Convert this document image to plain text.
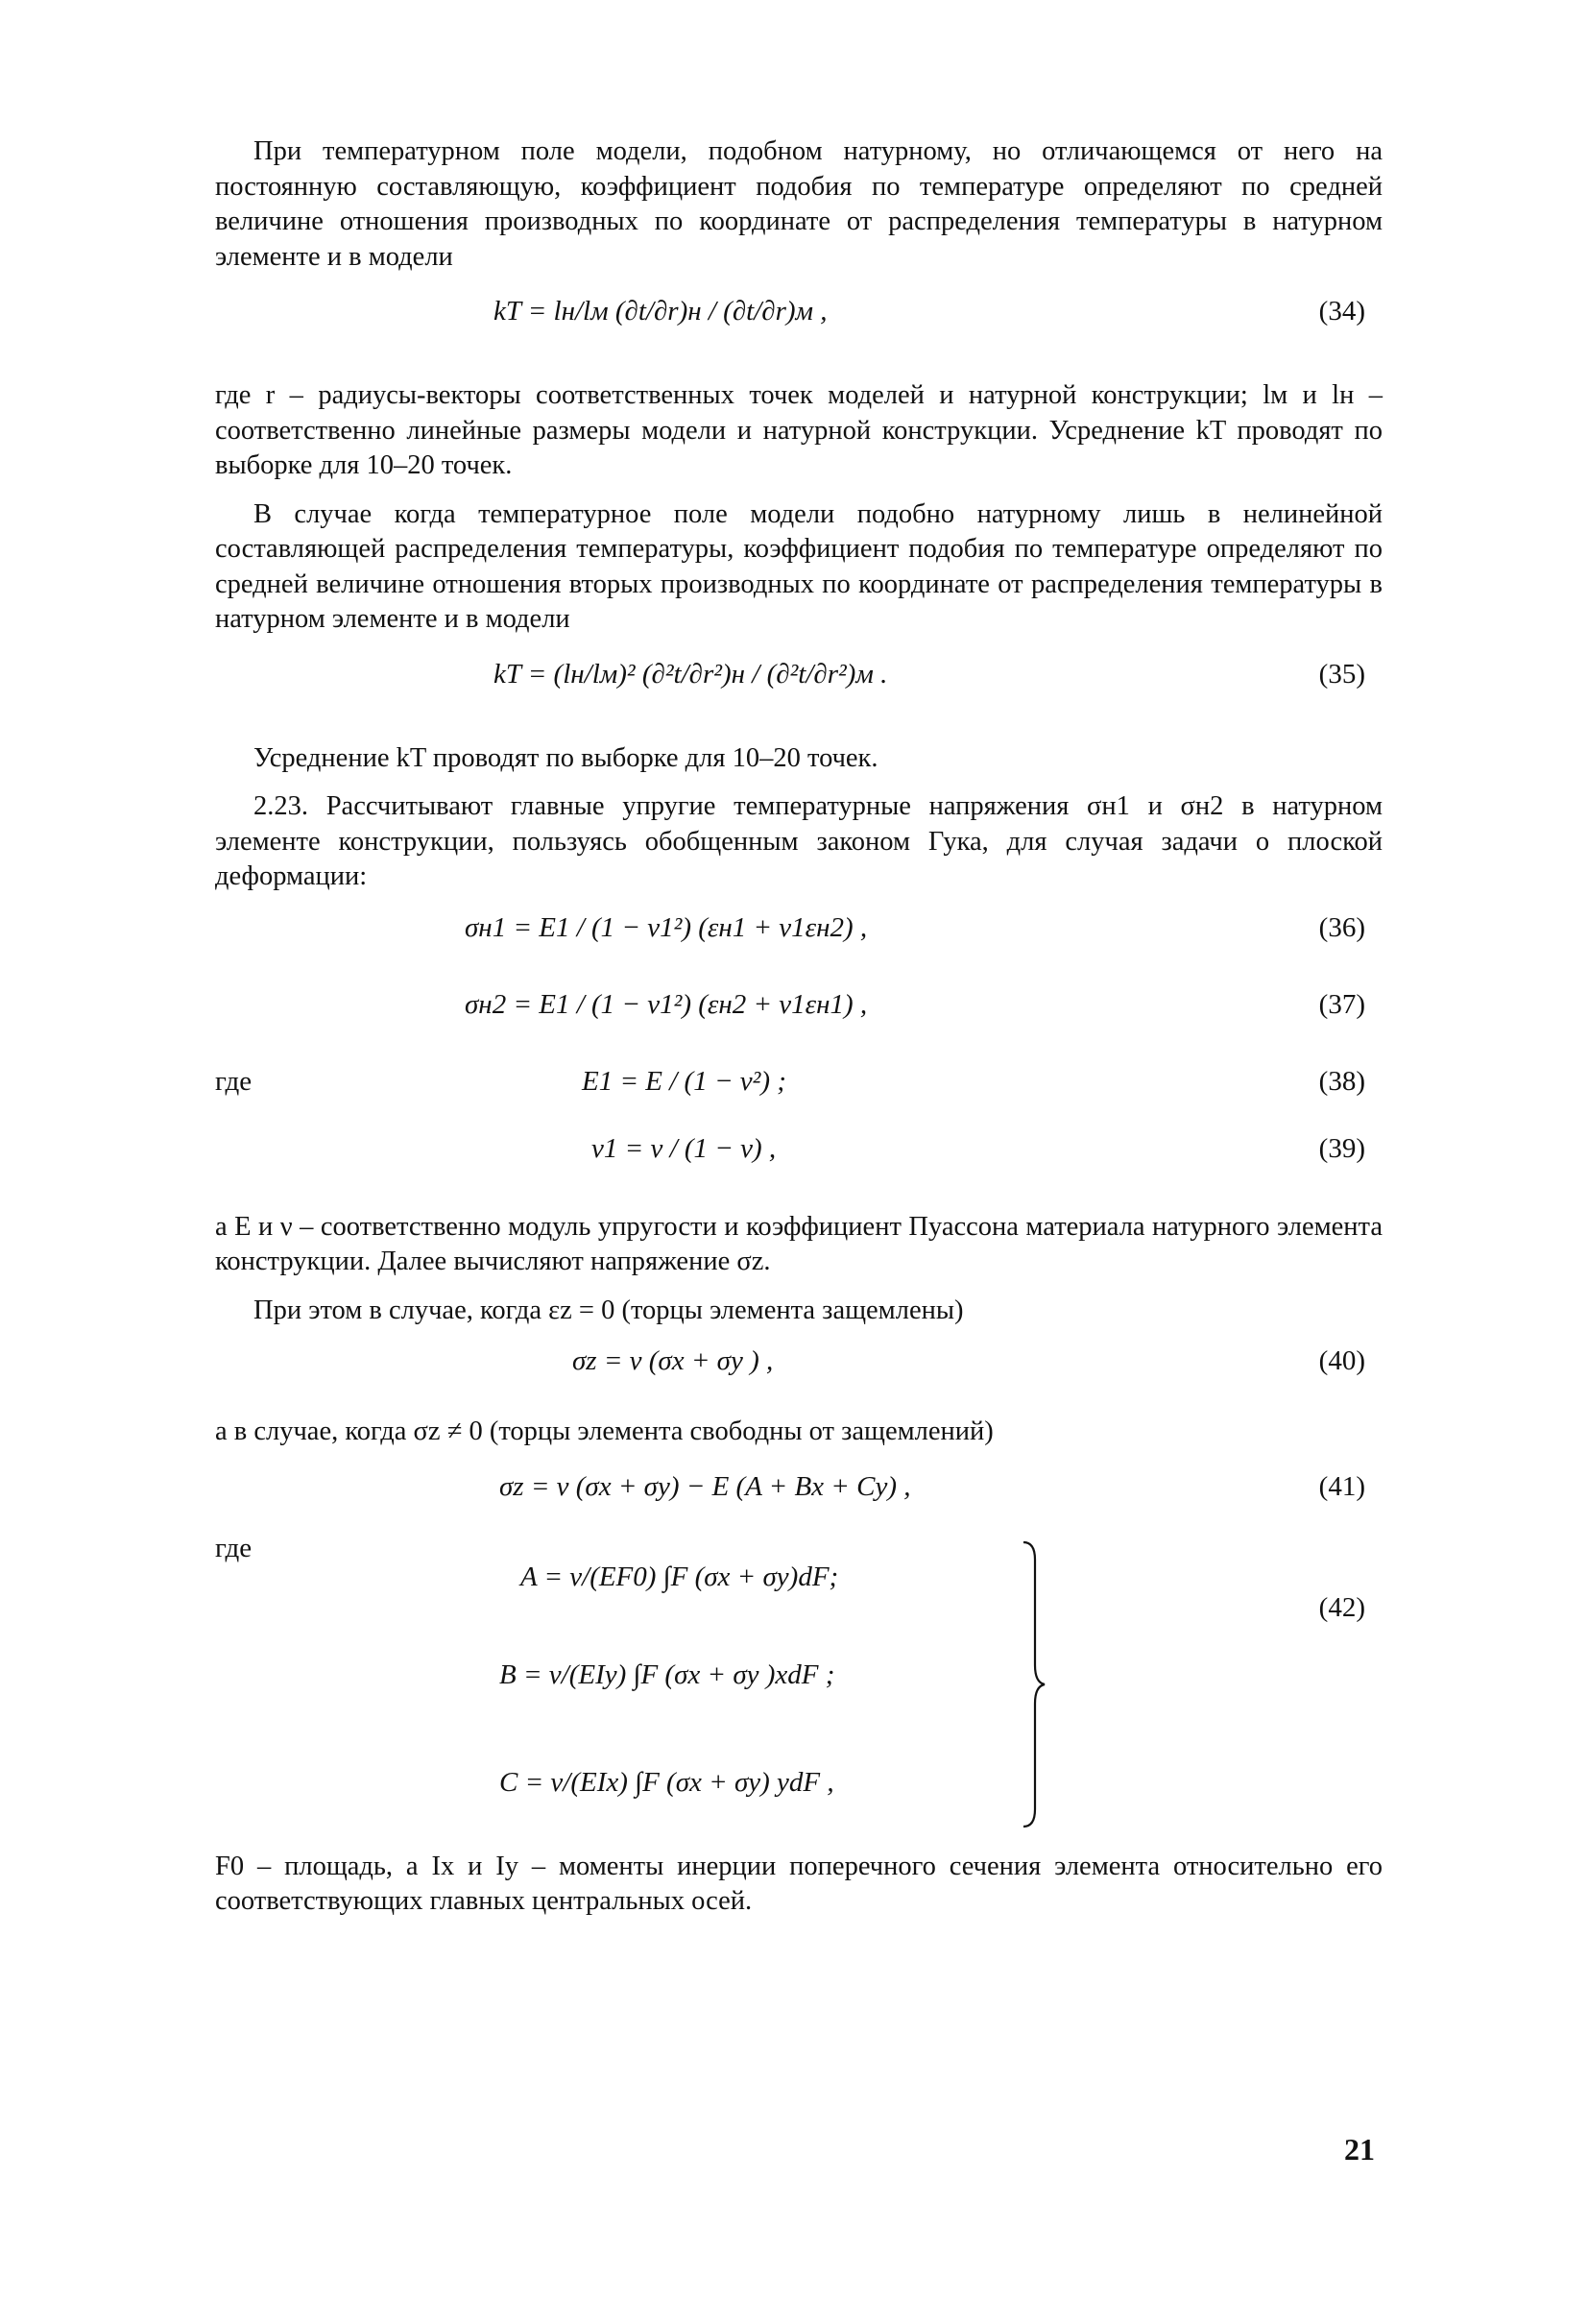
При температурном поле модели, подобном натурному, но отличающемся от него на постоянную составляющую, коэффициент подобия по температуре определяют по средней величине отношения производных по координате от распределения температуры в натурном элементе и в модели

kT = lн/lм (∂t/∂r)н / (∂t/∂r)м ,	(34)

где r – радиусы-векторы соответственных точек моделей и натурной конструкции; lм и lн – соответственно линейные размеры модели и натурной конструкции. Усреднение kT проводят по выборке для 10–20 точек.

В случае когда температурное поле модели подобно натурному лишь в нелинейной составляющей распределения температуры, коэффициент подобия по температуре определяют по средней величине отношения вторых производных по координате от распределения температуры в натурном элементе и в модели

kT = (lн/lм)² (∂²t/∂r²)н / (∂²t/∂r²)м .	(35)

Усреднение kT проводят по выборке для 10–20 точек.

2.23. Рассчитывают главные упругие температурные напряжения σн1 и σн2 в натурном элементе конструкции, пользуясь обобщенным законом Гука, для случая задачи о плоской деформации:

σн1 = E1 / (1 − ν1²) (εн1 + ν1εн2) ,	(36)
σн2 = E1 / (1 − ν1²) (εн2 + ν1εн1) ,	(37)
где	E1 = E / (1 − ν²) ;	(38)
ν1 = ν / (1 − ν) ,	(39)

а E и ν – соответственно модуль упругости и коэффициент Пуассона материала натурного элемента конструкции. Далее вычисляют напряжение σz.

При этом в случае, когда εz = 0 (торцы элемента защемлены)

σz = ν (σx + σy ) ,	(40)

а в случае, когда σz ≠ 0 (торцы элемента свободны от защемлений)

σz = ν (σx + σy) − E (A + Bx + Cy) ,	(41)
где
A = ν/(EF0) ∫F (σx + σy)dF;
B = ν/(EIy) ∫F (σx + σy )xdF ;
C = ν/(EIx) ∫F (σx + σy) ydF ,
(42)

F0 – площадь, а Ix и Iy – моменты инерции поперечного сечения элемента относительно его соответствующих главных центральных осей.

21
